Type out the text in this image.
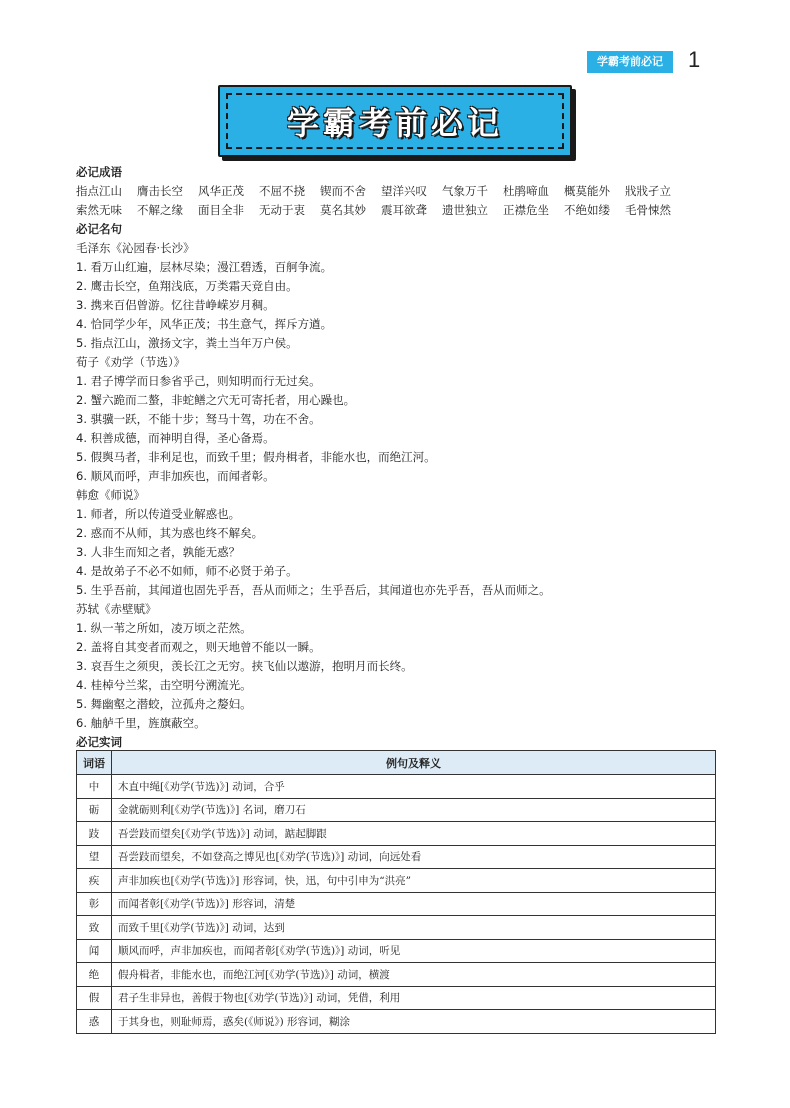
学霸考前必记	1
学霸考前必记
必记成语
指点江山	膺击长空	风华正茂	不屈不挠	锲而不舍	望洋兴叹	气象万千	杜鹃啼血	概莫能外	戕戕孑立
索然无味	不解之缘	面目全非	无动于衷	莫名其妙	震耳欲聋	遗世独立	正襟危坐	不绝如缕	毛骨悚然
必记名句
毛泽东《沁园春·长沙》
1. 看万山红遍，层林尽染；漫江碧透，百舸争流。
2. 鹰击长空，鱼翔浅底，万类霜天竞自由。
3. 携来百侣曾游。忆往昔峥嵘岁月稠。
4. 恰同学少年，风华正茂；书生意气，挥斥方遒。
5. 指点江山，激扬文字，粪土当年万户侯。
荀子《劝学（节选）》
1. 君子博学而日参省乎己，则知明而行无过矣。
2. 蟹六跪而二螯，非蛇鳝之穴无可寄托者，用心躁也。
3. 骐骥一跃，不能十步；驽马十驾，功在不舍。
4. 积善成德，而神明自得，圣心备焉。
5. 假舆马者，非利足也，而致千里；假舟楫者，非能水也，而绝江河。
6. 顺风而呼，声非加疾也，而闻者彰。
韩愈《师说》
1. 师者，所以传道受业解惑也。
2. 惑而不从师，其为惑也终不解矣。
3. 人非生而知之者，孰能无惑？
4. 是故弟子不必不如师，师不必贤于弟子。
5. 生乎吾前，其闻道也固先乎吾，吾从而师之；生乎吾后，其闻道也亦先乎吾，吾从而师之。
苏轼《赤壁赋》
1. 纵一苇之所如，凌万顷之茫然。
2. 盖将自其变者而观之，则天地曾不能以一瞬。
3. 哀吾生之须臾，羡长江之无穷。挟飞仙以遨游，抱明月而长终。
4. 桂棹兮兰桨，击空明兮溯流光。
5. 舞幽壑之潜蛟，泣孤舟之嫠妇。
6. 舳舻千里，旌旗蔽空。
必记实词
词语	例句及释义
中	木直中绳[《劝学(节选)》] 动词，合乎
砺	金就砺则利[《劝学(节选)》] 名词，磨刀石
跂	吾尝跂而望矣[《劝学(节选)》] 动词，踮起脚跟
望	吾尝跂而望矣，不如登高之博见也[《劝学(节选)》] 动词，向远处看
疾	声非加疾也[《劝学(节选)》] 形容词，快，迅，句中引申为“洪亮”
彰	而闻者彰[《劝学(节选)》] 形容词，清楚
致	而致千里[《劝学(节选)》] 动词，达到
闻	顺风而呼，声非加疾也，而闻者彰[《劝学(节选)》] 动词，听见
绝	假舟楫者，非能水也，而绝江河[《劝学(节选)》] 动词，横渡
假	君子生非异也，善假于物也[《劝学(节选)》] 动词，凭借，利用
惑	于其身也，则耻师焉，惑矣(《师说》) 形容词，糊涂
